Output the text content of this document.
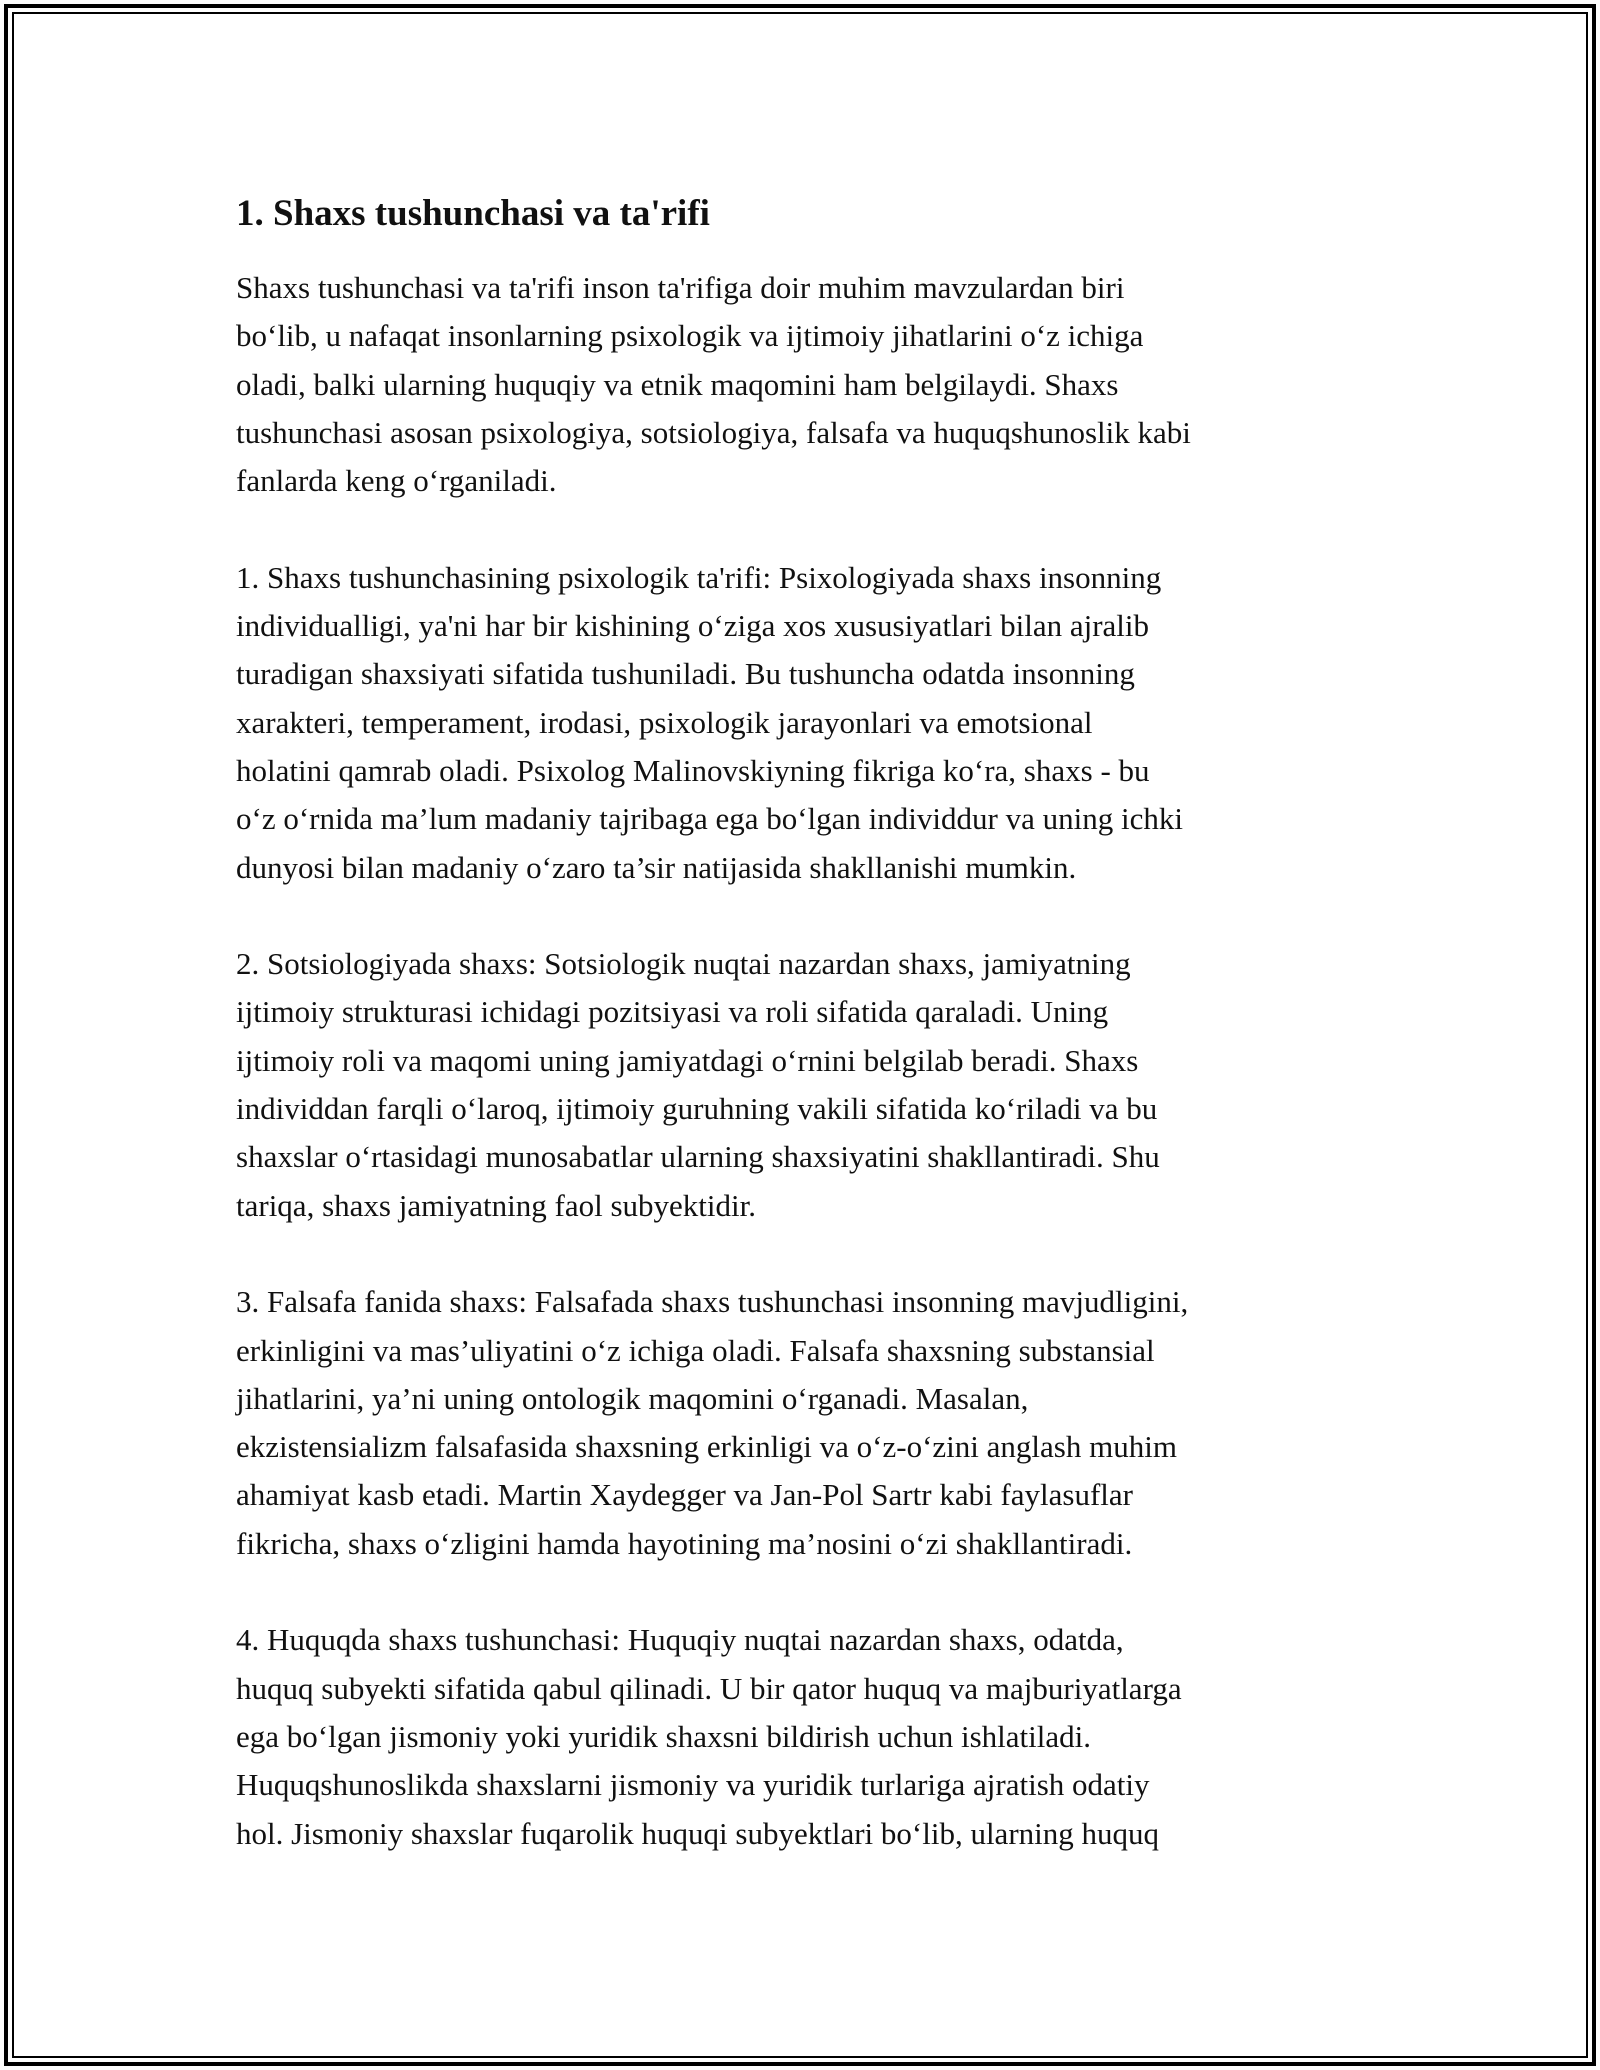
1. Shaxs tushunchasi va ta'rifi

Shaxs tushunchasi va ta'rifi inson ta'rifiga doir muhim mavzulardan biri
bo‘lib, u nafaqat insonlarning psixologik va ijtimoiy jihatlarini o‘z ichiga
oladi, balki ularning huquqiy va etnik maqomini ham belgilaydi. Shaxs
tushunchasi asosan psixologiya, sotsiologiya, falsafa va huquqshunoslik kabi
fanlarda keng o‘rganiladi.

1. Shaxs tushunchasining psixologik ta'rifi: Psixologiyada shaxs insonning
individualligi, ya'ni har bir kishining o‘ziga xos xususiyatlari bilan ajralib
turadigan shaxsiyati sifatida tushuniladi. Bu tushuncha odatda insonning
xarakteri, temperament, irodasi, psixologik jarayonlari va emotsional
holatini qamrab oladi. Psixolog Malinovskiyning fikriga ko‘ra, shaxs - bu
o‘z o‘rnida ma’lum madaniy tajribaga ega bo‘lgan individdur va uning ichki
dunyosi bilan madaniy o‘zaro ta’sir natijasida shakllanishi mumkin.

2. Sotsiologiyada shaxs: Sotsiologik nuqtai nazardan shaxs, jamiyatning
ijtimoiy strukturasi ichidagi pozitsiyasi va roli sifatida qaraladi. Uning
ijtimoiy roli va maqomi uning jamiyatdagi o‘rnini belgilab beradi. Shaxs
individdan farqli o‘laroq, ijtimoiy guruhning vakili sifatida ko‘riladi va bu
shaxslar o‘rtasidagi munosabatlar ularning shaxsiyatini shakllantiradi. Shu
tariqa, shaxs jamiyatning faol subyektidir.

3. Falsafa fanida shaxs: Falsafada shaxs tushunchasi insonning mavjudligini,
erkinligini va mas’uliyatini o‘z ichiga oladi. Falsafa shaxsning substansial
jihatlarini, ya’ni uning ontologik maqomini o‘rganadi. Masalan,
ekzistensializm falsafasida shaxsning erkinligi va o‘z-o‘zini anglash muhim
ahamiyat kasb etadi. Martin Xaydegger va Jan-Pol Sartr kabi faylasuflar
fikricha, shaxs o‘zligini hamda hayotining ma’nosini o‘zi shakllantiradi.

4. Huquqda shaxs tushunchasi: Huquqiy nuqtai nazardan shaxs, odatda,
huquq subyekti sifatida qabul qilinadi. U bir qator huquq va majburiyatlarga
ega bo‘lgan jismoniy yoki yuridik shaxsni bildirish uchun ishlatiladi.
Huquqshunoslikda shaxslarni jismoniy va yuridik turlariga ajratish odatiy
hol. Jismoniy shaxslar fuqarolik huquqi subyektlari bo‘lib, ularning huquq
